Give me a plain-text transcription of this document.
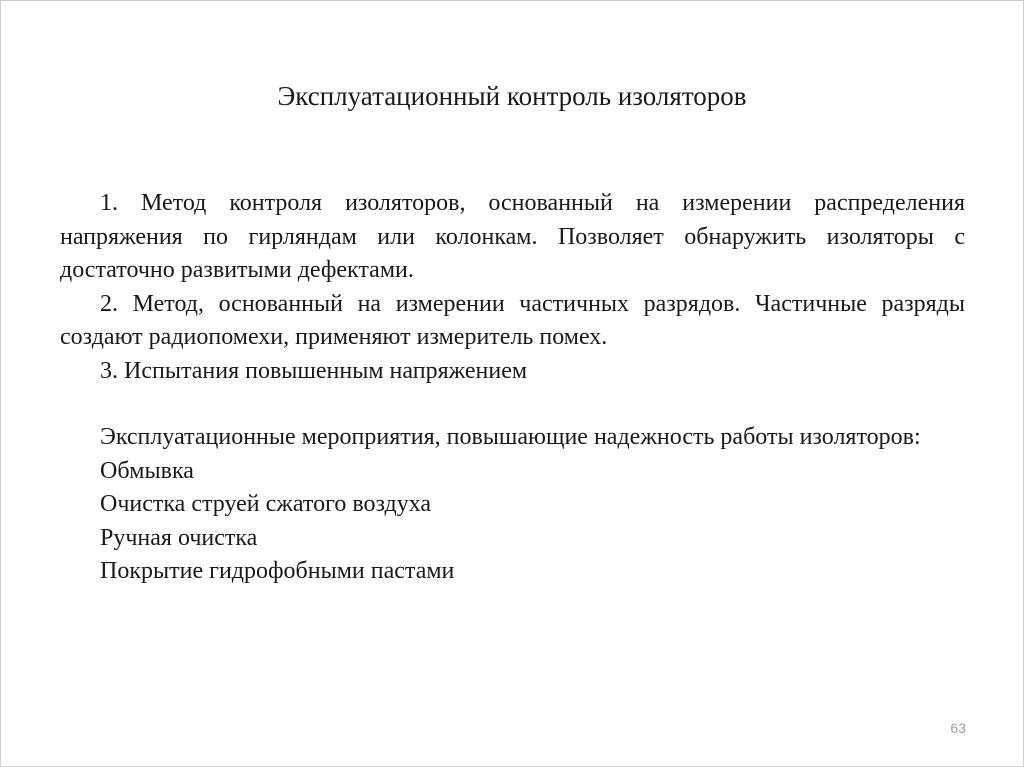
Эксплуатационный контроль изоляторов

1. Метод контроля изоляторов, основанный на измерении распределения напряжения по гирляндам или колонкам. Позволяет обнаружить изоляторы с достаточно развитыми дефектами.

2. Метод, основанный на измерении частичных разрядов. Частичные разряды создают радиопомехи, применяют измеритель помех.

3. Испытания повышенным напряжением

Эксплуатационные мероприятия, повышающие надежность работы изоляторов:

Обмывка

Очистка струей сжатого воздуха

Ручная очистка

Покрытие гидрофобными пастами

63
